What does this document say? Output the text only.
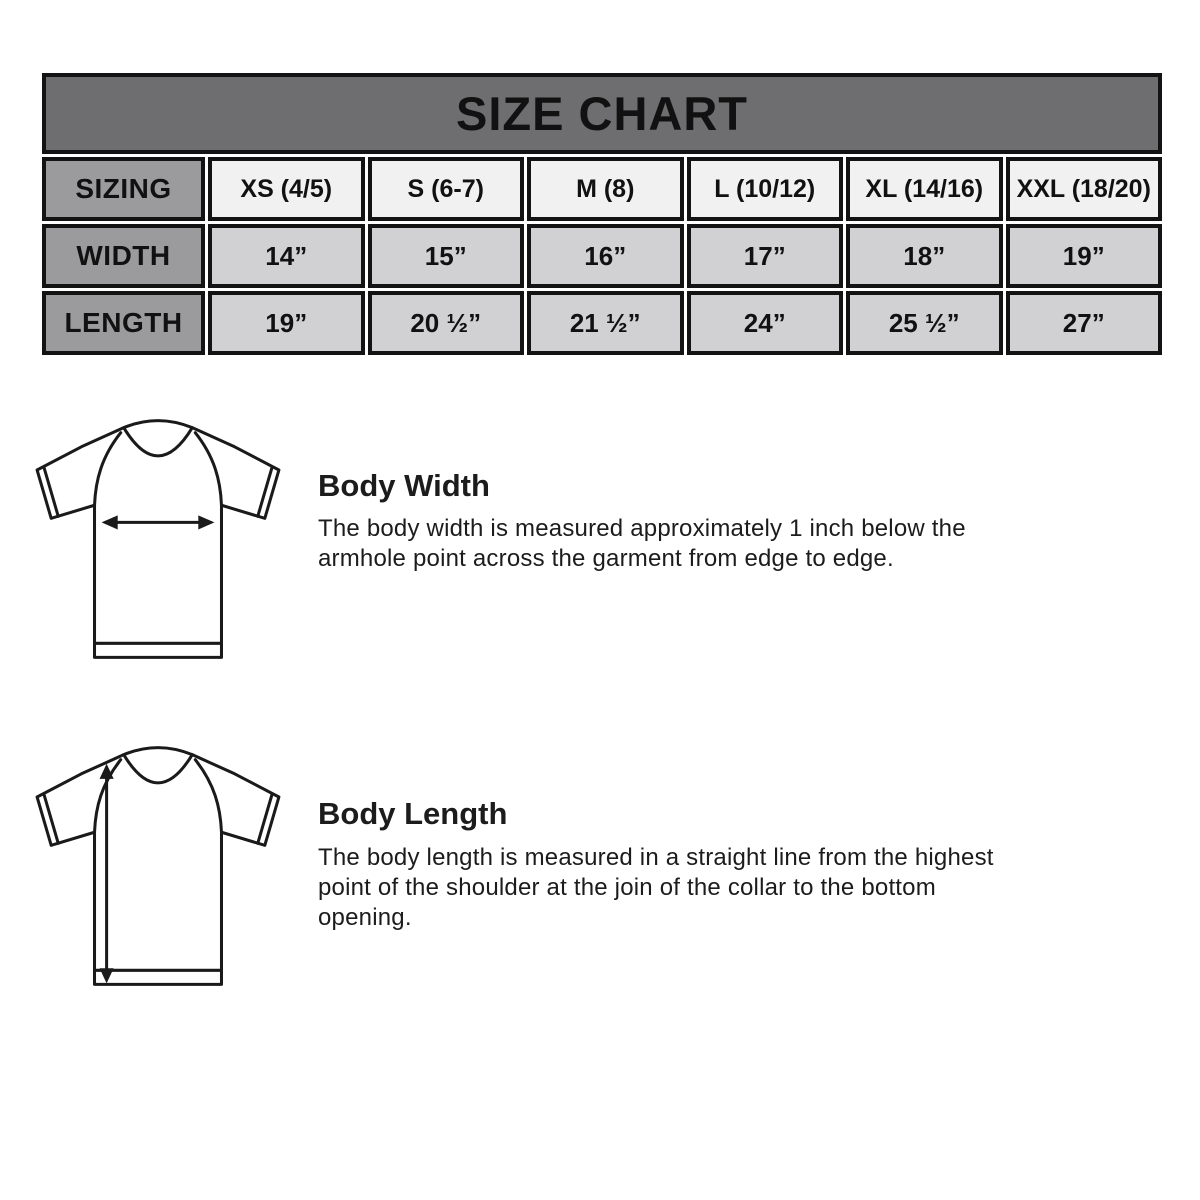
SIZE CHART						
SIZING	XS (4/5)	S (6-7)	M (8)	L (10/12)	XL (14/16)	XXL (18/20)
WIDTH	14”	15”	16”	17”	18”	19”
LENGTH	19”	20 ½”	21 ½”	24”	25 ½”	27”
Body Width

The body width is measured approximately 1 inch below the armhole point across the garment from edge to edge.

Body Length

The body length is measured in a straight line from the highest point of the shoulder at the join of the collar to the bottom opening.
